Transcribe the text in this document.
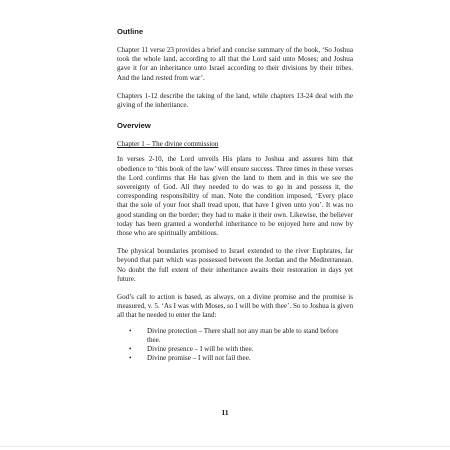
Outline

Chapter 11 verse 23 provides a brief and concise summary of the book, ‘So Joshua took the whole land, according to all that the Lord said unto Moses; and Joshua gave it for an inheritance unto Israel according to their divisions by their tribes. And the land rested from war’.

Chapters 1-12 describe the taking of the land, while chapters 13-24 deal with the giving of the inheritance.

Overview

Chapter 1 – The divine commission

In verses 2-10, the Lord unveils His plans to Joshua and assures him that obedience to ‘this book of the law’ will ensure success. Three times in these verses the Lord confirms that He has given the land to them and in this we see the sovereignty of God. All they needed to do was to go in and possess it, the corresponding responsibility of man. Note the condition imposed, ‘Every place that the sole of your foot shall tread upon, that have I given unto you’. It was no good standing on the border; they had to make it their own. Likewise, the believer today has been granted a wonderful inheritance to be enjoyed here and now by those who are spiritually ambitious.

The physical boundaries promised to Israel extended to the river Euphrates, far beyond that part which was possessed between the Jordan and the Mediterranean. No doubt the full extent of their inheritance awaits their restoration in days yet future.

God’s call to action is based, as always, on a divine promise and the promise is measured, v. 5. ‘As I was with Moses, so I will be with thee’. So to Joshua is given all that he needed to enter the land:

• Divine protection – There shall not any man be able to stand before thee.
• Divine presence – I will be with thee.
• Divine promise – I will not fail thee.
11
